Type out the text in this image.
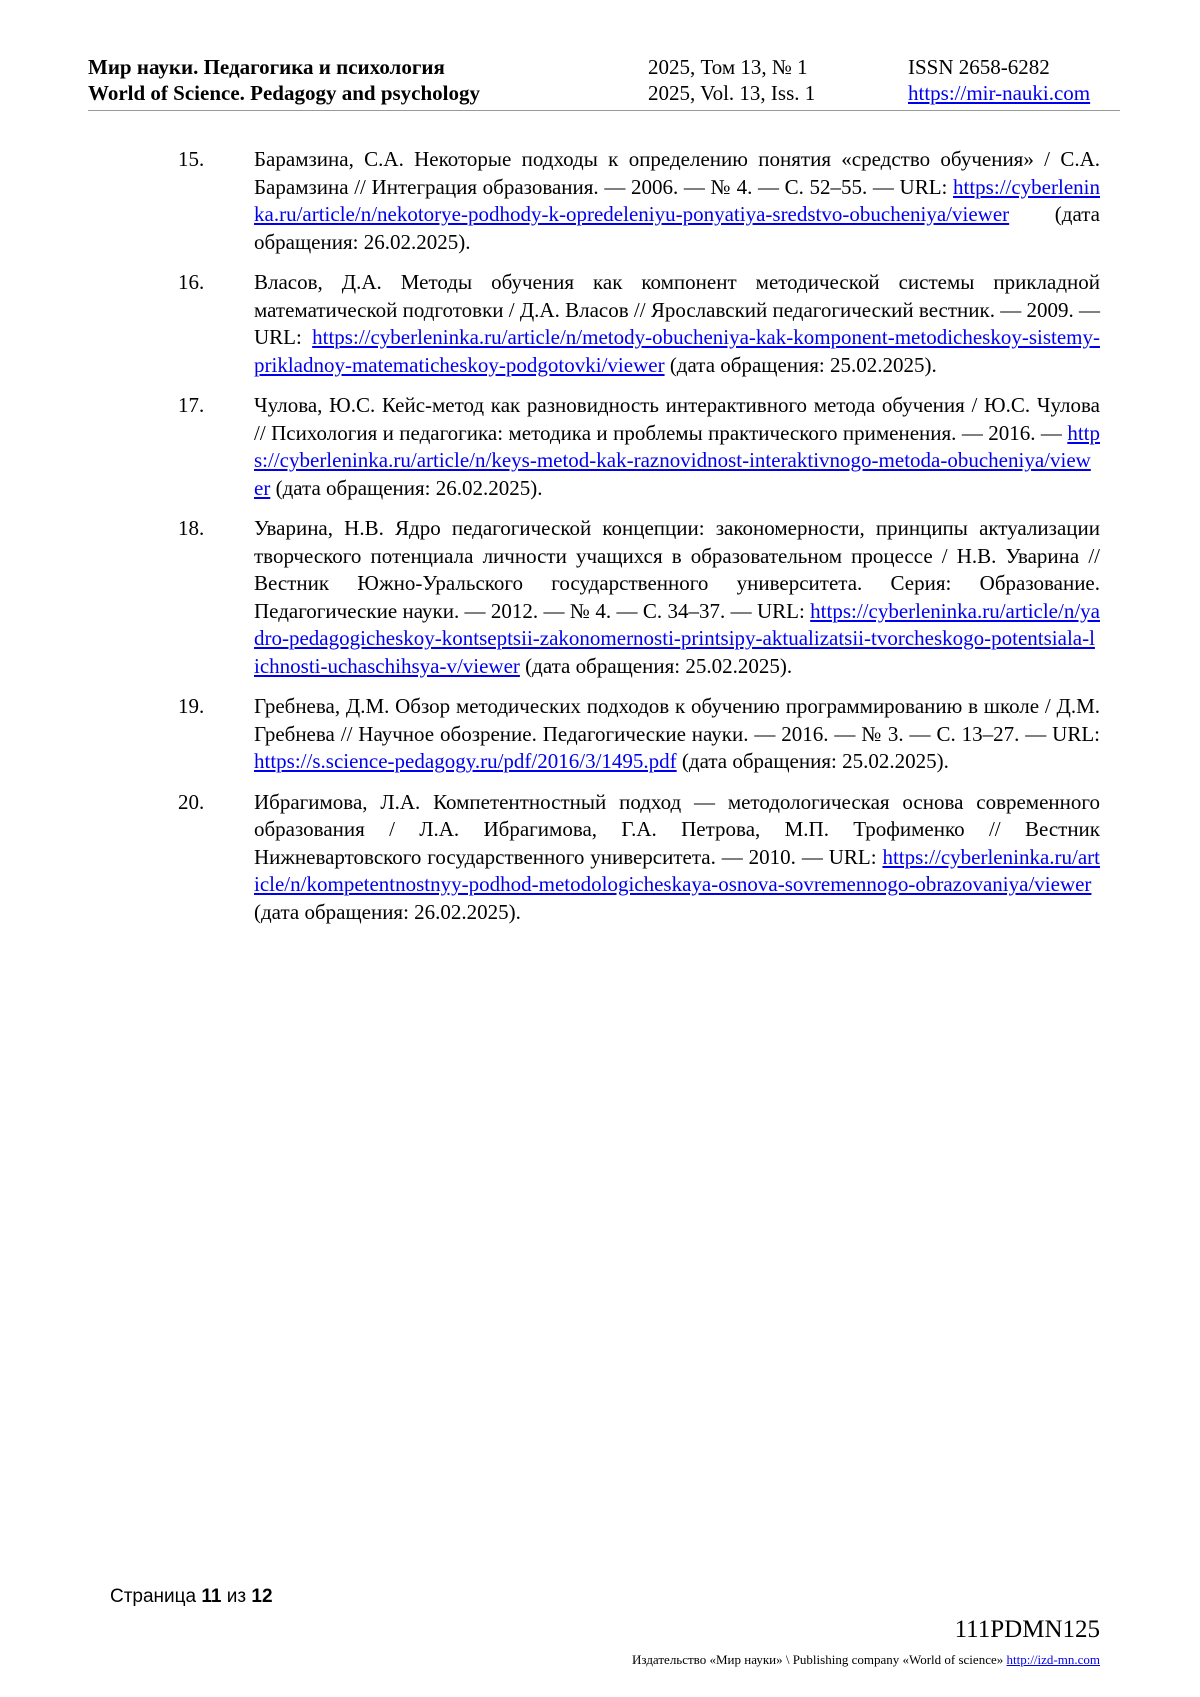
Мир науки. Педагогика и психология
World of Science. Pedagogy and psychology
2025, Том 13, № 1
2025, Vol. 13, Iss. 1
ISSN 2658-6282
https://mir-nauki.com
15. Барамзина, С.А. Некоторые подходы к определению понятия «средство обучения» / С.А. Барамзина // Интеграция образования. — 2006. — № 4. — С. 52–55. — URL: https://cyberleninka.ru/article/n/nekotorye-podhody-k-opredeleniyu-ponyatiya-sredstvo-obucheniya/viewer (дата обращения: 26.02.2025).
16. Власов, Д.А. Методы обучения как компонент методической системы прикладной математической подготовки / Д.А. Власов // Ярославский педагогический вестник. — 2009. — URL: https://cyberleninka.ru/article/n/metody-obucheniya-kak-komponent-metodicheskoy-sistemy-prikladnoy-matematicheskoy-podgotovki/viewer (дата обращения: 25.02.2025).
17. Чулова, Ю.С. Кейс-метод как разновидность интерактивного метода обучения / Ю.С. Чулова // Психология и педагогика: методика и проблемы практического применения. — 2016. — https://cyberleninka.ru/article/n/keys-metod-kak-raznovidnost-interaktivnogo-metoda-obucheniya/viewer (дата обращения: 26.02.2025).
18. Уварина, Н.В. Ядро педагогической концепции: закономерности, принципы актуализации творческого потенциала личности учащихся в образовательном процессе / Н.В. Уварина // Вестник Южно-Уральского государственного университета. Серия: Образование. Педагогические науки. — 2012. — № 4. — С. 34–37. — URL: https://cyberleninka.ru/article/n/yadro-pedagogicheskoy-kontseptsii-zakonomernosti-printsipy-aktualizatsii-tvorcheskogo-potentsiala-lichnosti-uchaschihsya-v/viewer (дата обращения: 25.02.2025).
19. Гребнева, Д.М. Обзор методических подходов к обучению программированию в школе / Д.М. Гребнева // Научное обозрение. Педагогические науки. — 2016. — № 3. — С. 13–27. — URL: https://s.science-pedagogy.ru/pdf/2016/3/1495.pdf (дата обращения: 25.02.2025).
20. Ибрагимова, Л.А. Компетентностный подход — методологическая основа современного образования / Л.А. Ибрагимова, Г.А. Петрова, М.П. Трофименко // Вестник Нижневартовского государственного университета. — 2010. — URL: https://cyberleninka.ru/article/n/kompetentnostnyy-podhod-metodologicheskaya-osnova-sovremennogo-obrazovaniya/viewer (дата обращения: 26.02.2025).
Страница 11 из 12
111PDMN125
Издательство «Мир науки» \ Publishing company «World of science» http://izd-mn.com
